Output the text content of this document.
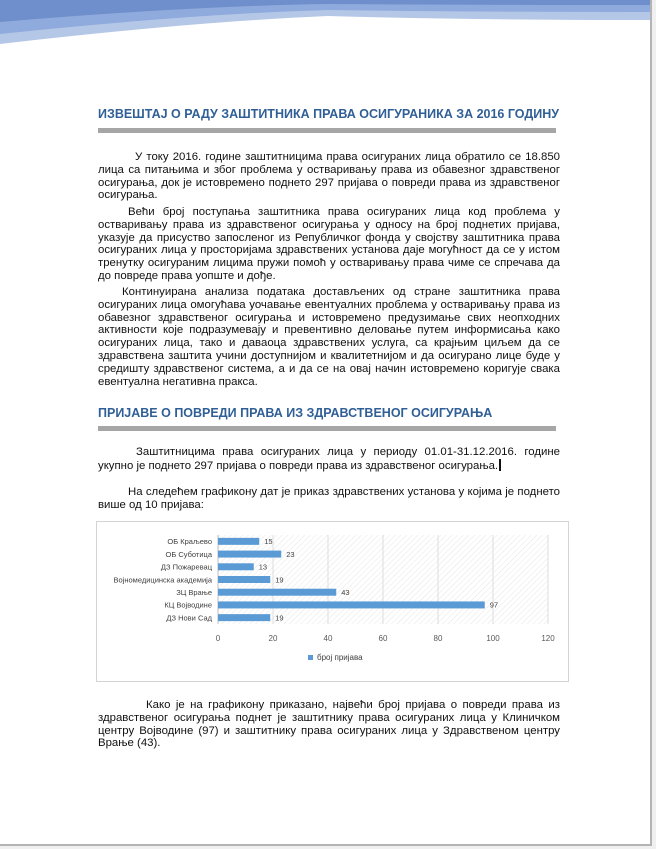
ИЗВЕШТАЈ О РАДУ ЗАШТИТНИКА ПРАВА ОСИГУРАНИКА ЗА 2016 ГОДИНУ

У току 2016. године заштитницима права осигураних лица обратило се 18.850 лица са питањима и због проблема у остваривању права из обавезног здравственог осигурања, док је истовремено поднето 297 пријава о повреди права из здравственог осигурања.

Већи број поступања заштитника права осигураних лица код проблема у остваривању права из здравственог осигурања у односу на број поднетих пријава, указује да присуство запосленог из Републичког фонда у својству заштитника права осигураних лица у просторијама здравствених установа даје могућност да се у истом тренутку осигураним лицима пружи помоћ у остваривању права чиме се спречава да до повреде права уопште и дође.

Континуирана анализа података достављених од стране заштитника права осигураних лица омогућава уочавање евентуалних проблема у остваривању права из обавезног здравственог осигурања и истовремено предузимање свих неопходних активности које подразумевају и превентивно деловање путем информисања како осигураних лица, тако и даваоца здравствених услуга, са крајњим циљем да се здравствена заштита учини доступнијом и квалитетнијом и да осигурано лице буде у средишту здравственог система, а и да се на овај начин истовремено коригује свака евентуална негативна пракса.

ПРИЈАВЕ О ПОВРЕДИ ПРАВА ИЗ ЗДРАВСТВЕНОГ ОСИГУРАЊА

Заштитницима права осигураних лица у периоду 01.01-31.12.2016. године укупно је поднето 297 пријава о повреди права из здравственог осигурања.

На следећем графикону дат је приказ здравствених установа у којима је поднето више од 10 пријава:

0	20	40	60	80	100	120
ОБ Краљево	15
ОБ Суботица	23
ДЗ Пожаревац	13
Војномедицинска академија	19
ЗЦ Врање	43
КЦ Војводине	97
ДЗ Нови Сад	19
број пријава

Како је на графикону приказано, највећи број пријава о повреди права из здравственог осигурања поднет је заштитнику права осигураних лица у Клиничком центру Војводине (97) и заштитнику права осигураних лица у Здравственом центру Врање (43).
